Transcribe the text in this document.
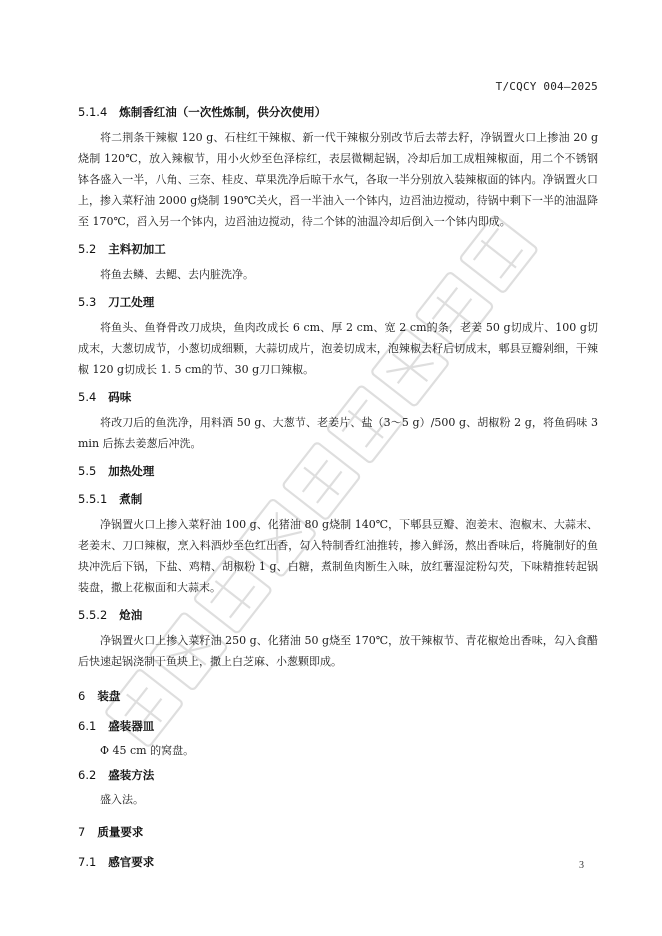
T/CQCY 004—2025
5.1.4 炼制香红油（一次性炼制，供分次使用）

将二荆条干辣椒 120 g、石柱红干辣椒、新一代干辣椒分别改节后去蒂去籽，净锅置火口上掺油 20 g 烧制 120℃，放入辣椒节，用小火炒至色泽棕红，表层微糊起锅，冷却后加工成粗辣椒面，用二个不锈钢钵各盛入一半，八角、三奈、桂皮、草果洗净后晾干水气，各取一半分别放入装辣椒面的钵内。净锅置火口上，掺入菜籽油 2000 g烧制 190℃关火，舀一半油入一个钵内，边舀油边搅动，待锅中剩下一半的油温降至 170℃，舀入另一个钵内，边舀油边搅动，待二个钵的油温冷却后倒入一个钵内即成。

5.2 主料初加工

将鱼去鳞、去鳃、去内脏洗净。

5.3 刀工处理

将鱼头、鱼脊骨改刀成块，鱼肉改成长 6 cm、厚 2 cm、宽 2 cm的条，老姜 50 g切成片、100 g切成末，大葱切成节，小葱切成细颗，大蒜切成片，泡姜切成末，泡辣椒去籽后切成末，郫县豆瓣剁细，干辣椒 120 g切成长 1. 5 cm的节、30 g刀口辣椒。

5.4 码味

将改刀后的鱼洗净，用料酒 50 g、大葱节、老姜片、盐（3～5 g）/500 g、胡椒粉 2 g，将鱼码味 3 min 后拣去姜葱后冲洗。

5.5 加热处理
5.5.1 煮制

净锅置火口上掺入菜籽油 100 g、化猪油 80 g烧制 140℃，下郫县豆瓣、泡姜末、泡椒末、大蒜末、老姜末、刀口辣椒，烹入料酒炒至色红出香，勾入特制香红油推转，掺入鲜汤，熬出香味后，将腌制好的鱼块冲洗后下锅，下盐、鸡精、胡椒粉 1 g、白糖，煮制鱼肉断生入味，放红薯湿淀粉勾芡，下味精推转起锅装盘，撒上花椒面和大蒜末。

5.5.2 炝油

净锅置火口上掺入菜籽油 250 g、化猪油 50 g烧至 170℃，放干辣椒节、青花椒炝出香味，勾入食醋后快速起锅浇制于鱼块上，撒上白芝麻、小葱颗即成。

6 装盘
6.1 盛装器皿

Φ 45 cm 的窝盘。

6.2 盛装方法

盛入法。

7 质量要求
7.1 感官要求	3
